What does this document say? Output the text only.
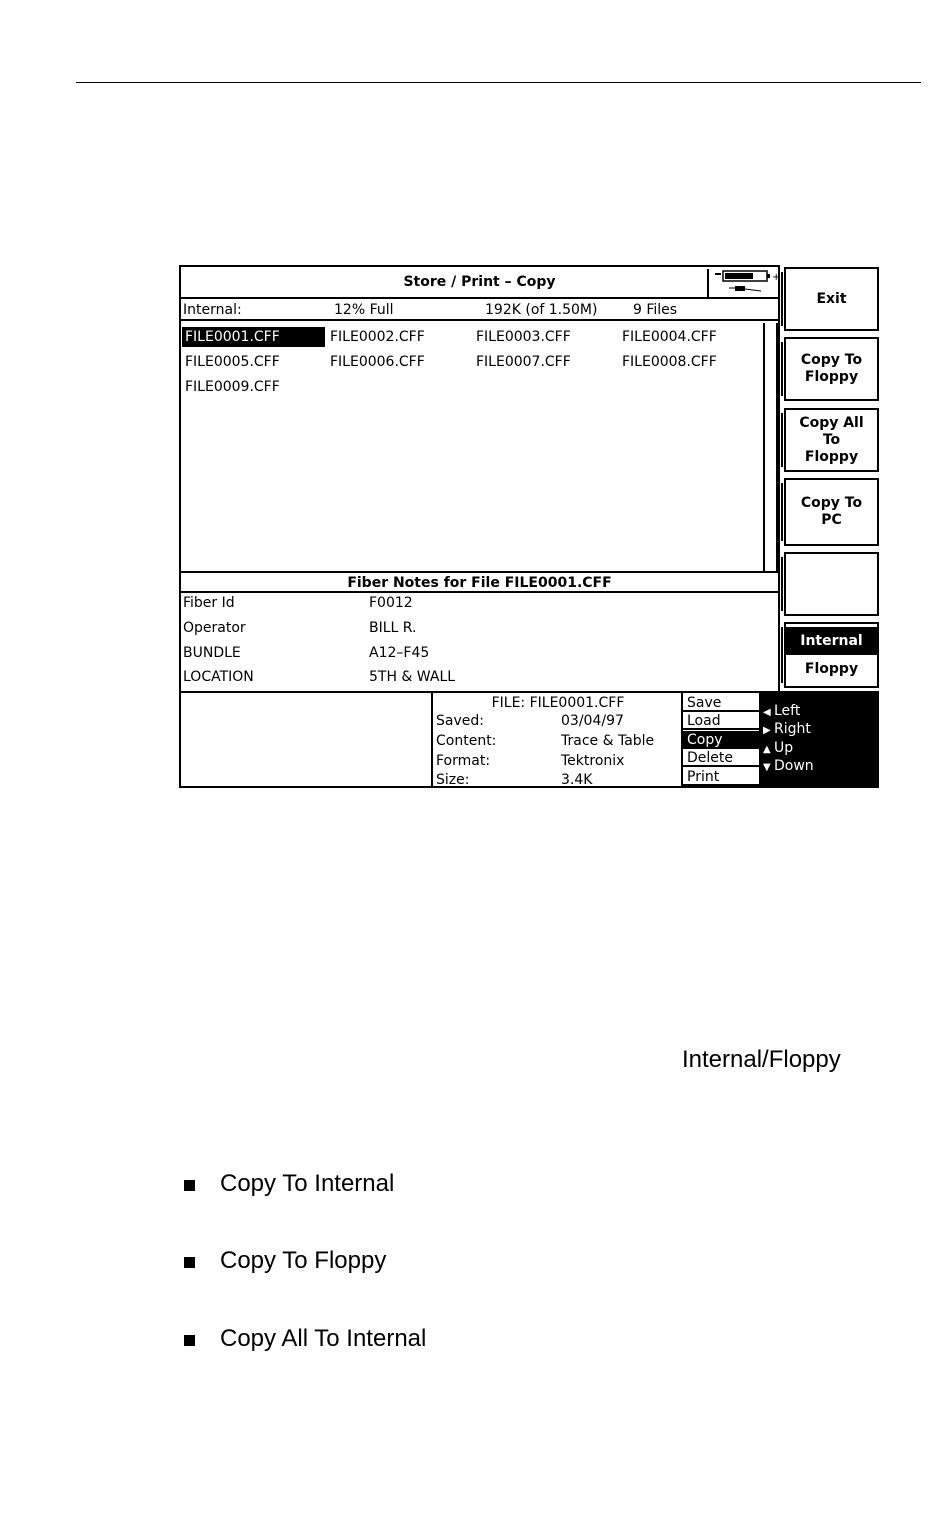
Store / Print – Copy	+
Internal:	12% Full	192K (of 1.50M)	9 Files
FILE0001.CFF	FILE0002.CFF	FILE0003.CFF	FILE0004.CFF
FILE0005.CFF	FILE0006.CFF	FILE0007.CFF	FILE0008.CFF
FILE0009.CFF
Fiber Notes for File FILE0001.CFF
Fiber Id	F0012
Operator	BILL R.
BUNDLE	A12–F45
LOCATION	5TH & WALL
FILE: FILE0001.CFF
Saved:	03/04/97
Content:	Trace & Table
Format:	Tektronix
Size:	3.4K
Save
Load
Copy
Delete
Print
◀ Left
▶ Right
▲ Up
▼ Down
Exit
Copy To
Floppy
Copy All
To
Floppy
Copy To
PC
Internal
Floppy
Internal/Floppy
Copy To Internal
Copy To Floppy
Copy All To Internal
